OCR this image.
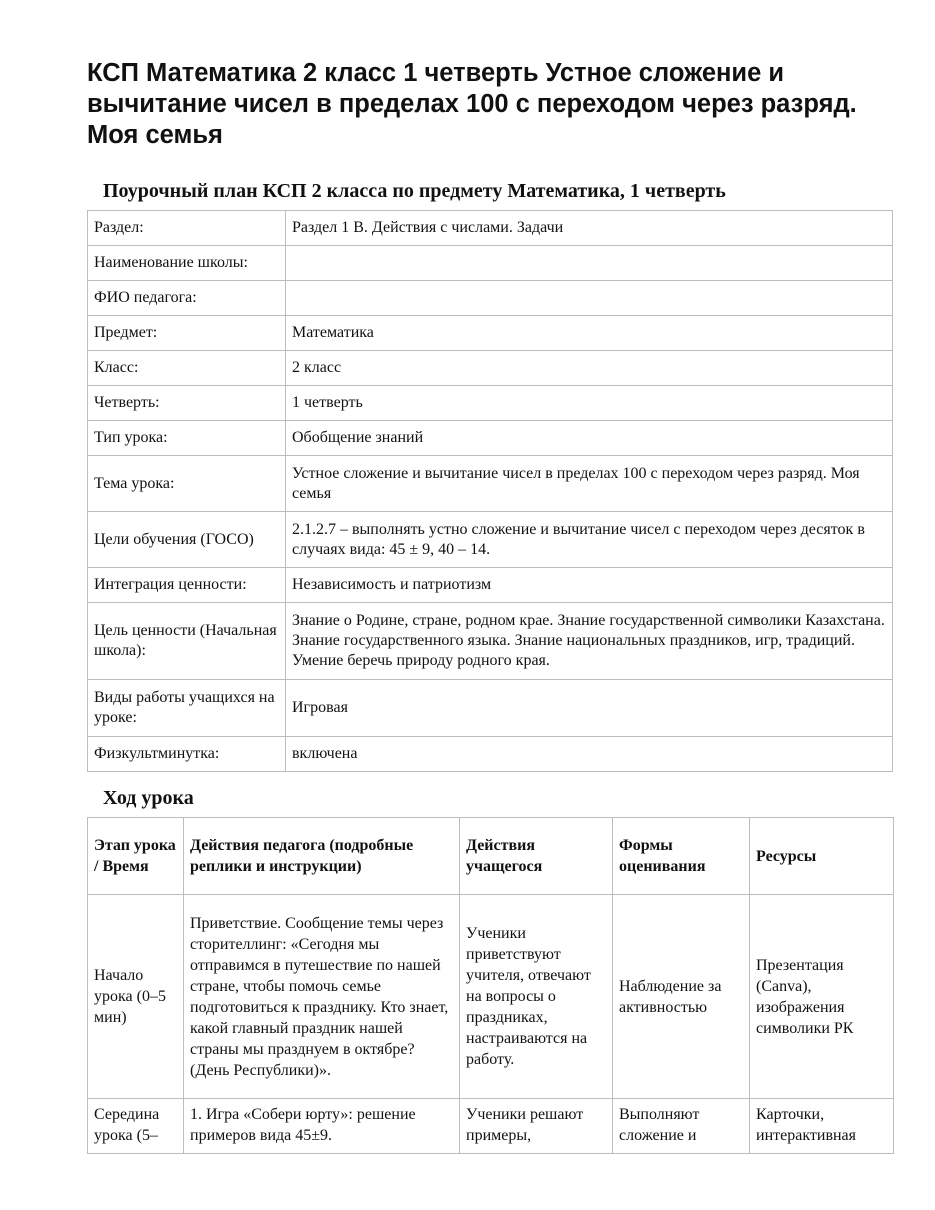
КСП Математика 2 класс 1 четверть Устное сложение и вычитание чисел в пределах 100 с переходом через разряд. Моя семья
Поурочный план КСП 2 класса по предмету Математика, 1 четверть
Раздел:	Раздел 1 В. Действия с числами. Задачи
Наименование школы:	
ФИО педагога:	
Предмет:	Математика
Класс:	2 класс
Четверть:	1 четверть
Тип урока:	Обобщение знаний
Тема урока:	Устное сложение и вычитание чисел в пределах 100 с переходом через разряд. Моя семья
Цели обучения (ГОСО)	2.1.2.7 – выполнять устно сложение и вычитание чисел с переходом через десяток в случаях вида: 45 ± 9, 40 – 14.
Интеграция ценности:	Независимость и патриотизм
Цель ценности (Начальная школа):	Знание о Родине, стране, родном крае. Знание государственной символики Казахстана. Знание государственного языка. Знание национальных праздников, игр, традиций. Умение беречь природу родного края.
Виды работы учащихся на уроке:	Игровая
Физкультминутка:	включена
Ход урока
Этап урока / Время	Действия педагога (подробные реплики и инструкции)	Действия учащегося	Формы оценивания	Ресурсы
Начало урока (0–5 мин)	Приветствие. Сообщение темы через сторителлинг: «Сегодня мы отправимся в путешествие по нашей стране, чтобы помочь семье подготовиться к празднику. Кто знает, какой главный праздник нашей страны мы празднуем в октябре? (День Республики)».	Ученики приветствуют учителя, отвечают на вопросы о праздниках, настраиваются на работу.	Наблюдение за активностью	Презентация (Canva), изображения символики РК
Середина урока (5–	1. Игра «Собери юрту»: решение примеров вида 45±9.	Ученики решают примеры,	Выполняют сложение и	Карточки, интерактивная
